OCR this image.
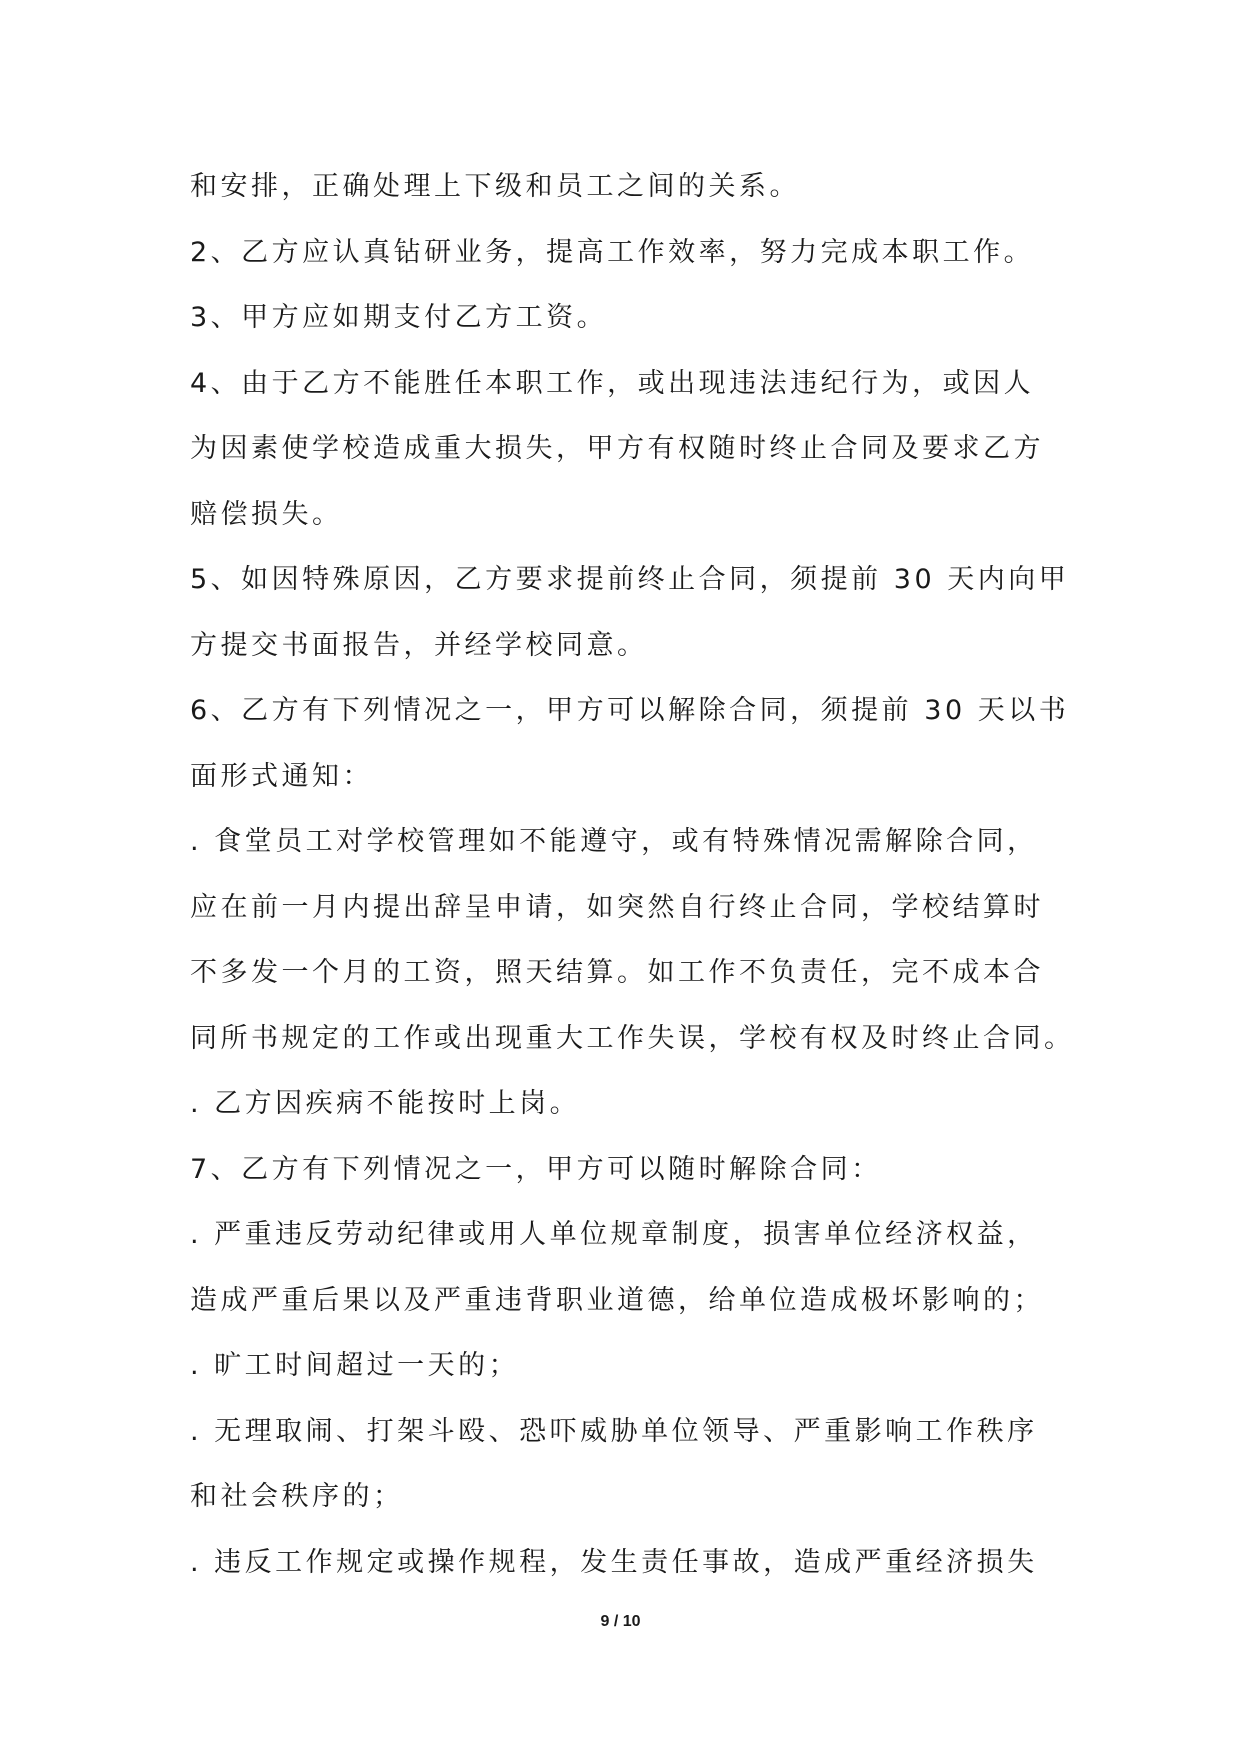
和安排，正确处理上下级和员工之间的关系。
2、乙方应认真钻研业务，提高工作效率，努力完成本职工作。
3、甲方应如期支付乙方工资。
4、由于乙方不能胜任本职工作，或出现违法违纪行为，或因人
为因素使学校造成重大损失，甲方有权随时终止合同及要求乙方
赔偿损失。
5、如因特殊原因，乙方要求提前终止合同，须提前 30 天内向甲
方提交书面报告，并经学校同意。
6、乙方有下列情况之一，甲方可以解除合同，须提前 30 天以书
面形式通知：
. 食堂员工对学校管理如不能遵守，或有特殊情况需解除合同，
应在前一月内提出辞呈申请，如突然自行终止合同，学校结算时
不多发一个月的工资，照天结算。如工作不负责任，完不成本合
同所书规定的工作或出现重大工作失误，学校有权及时终止合同。
. 乙方因疾病不能按时上岗。
7、乙方有下列情况之一，甲方可以随时解除合同：
. 严重违反劳动纪律或用人单位规章制度，损害单位经济权益，
造成严重后果以及严重违背职业道德，给单位造成极坏影响的；
. 旷工时间超过一天的；
. 无理取闹、打架斗殴、恐吓威胁单位领导、严重影响工作秩序
和社会秩序的；
. 违反工作规定或操作规程，发生责任事故，造成严重经济损失
9 / 10
